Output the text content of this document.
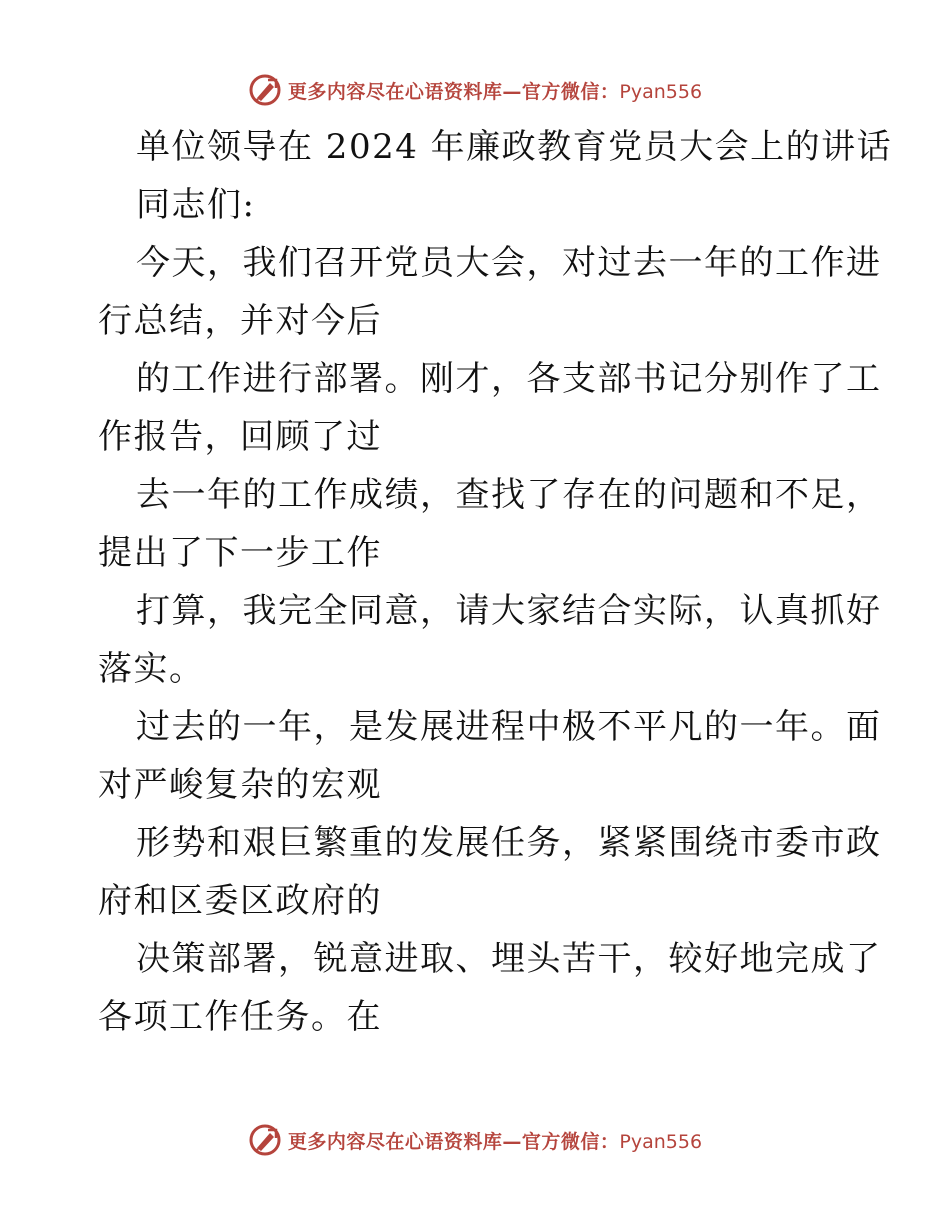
更多内容尽在心语资料库—官方微信：Pyan556
单位领导在 2024 年廉政教育党员大会上的讲话
同志们:
今天，我们召开党员大会，对过去一年的工作进
行总结，并对今后
的工作进行部署。刚才，各支部书记分别作了工
作报告，回顾了过
去一年的工作成绩，查找了存在的问题和不足，
提出了下一步工作
打算，我完全同意，请大家结合实际，认真抓好
落实。
过去的一年，是发展进程中极不平凡的一年。面
对严峻复杂的宏观
形势和艰巨繁重的发展任务，紧紧围绕市委市政
府和区委区政府的
决策部署，锐意进取、埋头苦干，较好地完成了
各项工作任务。在
更多内容尽在心语资料库—官方微信：Pyan556
